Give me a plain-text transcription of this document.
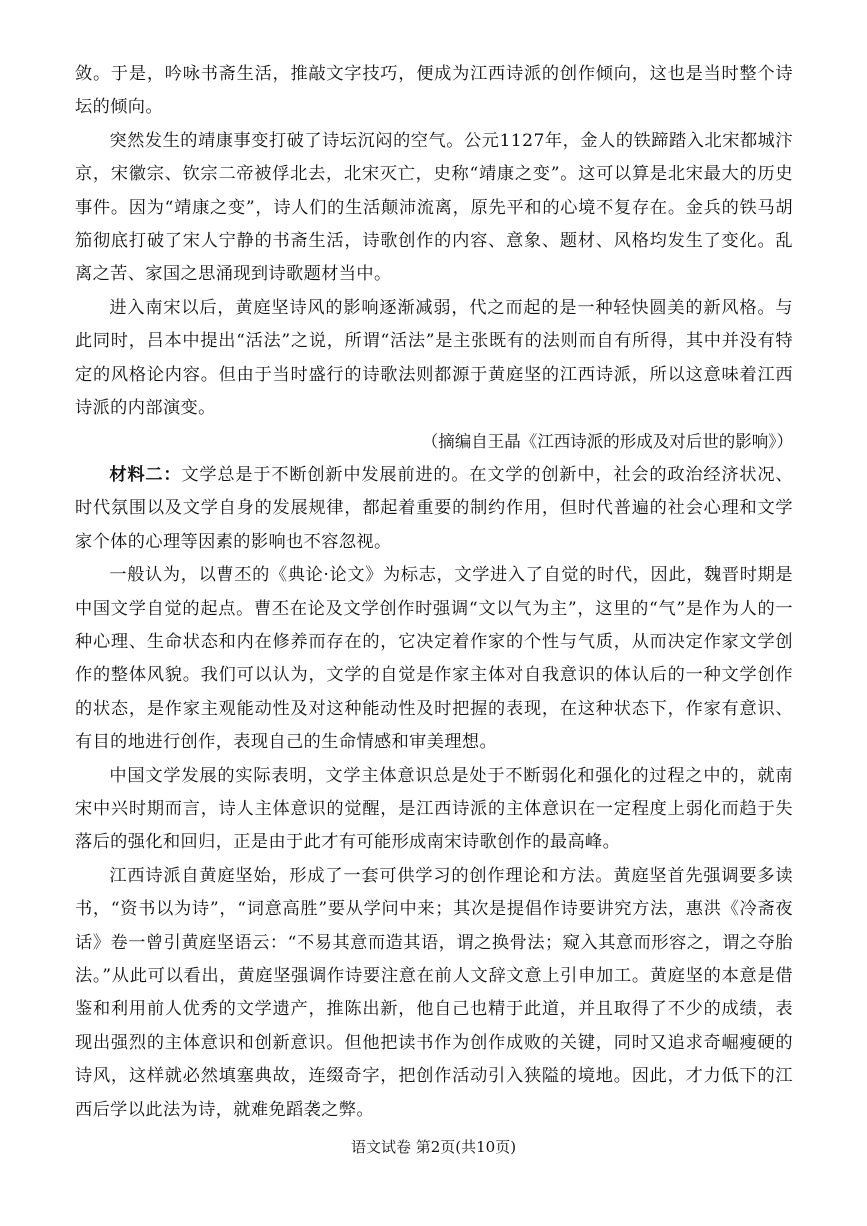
敛。于是，吟咏书斋生活，推敲文字技巧，便成为江西诗派的创作倾向，这也是当时整个诗坛的倾向。

突然发生的靖康事变打破了诗坛沉闷的空气。公元1127年，金人的铁蹄踏入北宋都城汴京，宋徽宗、钦宗二帝被俘北去，北宋灭亡，史称“靖康之变”。这可以算是北宋最大的历史事件。因为“靖康之变”，诗人们的生活颠沛流离，原先平和的心境不复存在。金兵的铁马胡笳彻底打破了宋人宁静的书斋生活，诗歌创作的内容、意象、题材、风格均发生了变化。乱离之苦、家国之思涌现到诗歌题材当中。

进入南宋以后，黄庭坚诗风的影响逐渐减弱，代之而起的是一种轻快圆美的新风格。与此同时，吕本中提出“活法”之说，所谓“活法”是主张既有的法则而自有所得，其中并没有特定的风格论内容。但由于当时盛行的诗歌法则都源于黄庭坚的江西诗派，所以这意味着江西诗派的内部演变。

（摘编自王晶《江西诗派的形成及对后世的影响》）

材料二：文学总是于不断创新中发展前进的。在文学的创新中，社会的政治经济状况、时代氛围以及文学自身的发展规律，都起着重要的制约作用，但时代普遍的社会心理和文学家个体的心理等因素的影响也不容忽视。

一般认为，以曹丕的《典论·论文》为标志，文学进入了自觉的时代，因此，魏晋时期是中国文学自觉的起点。曹丕在论及文学创作时强调“文以气为主”，这里的“气”是作为人的一种心理、生命状态和内在修养而存在的，它决定着作家的个性与气质，从而决定作家文学创作的整体风貌。我们可以认为，文学的自觉是作家主体对自我意识的体认后的一种文学创作的状态，是作家主观能动性及对这种能动性及时把握的表现，在这种状态下，作家有意识、有目的地进行创作，表现自己的生命情感和审美理想。

中国文学发展的实际表明，文学主体意识总是处于不断弱化和强化的过程之中的，就南宋中兴时期而言，诗人主体意识的觉醒，是江西诗派的主体意识在一定程度上弱化而趋于失落后的强化和回归，正是由于此才有可能形成南宋诗歌创作的最高峰。

江西诗派自黄庭坚始，形成了一套可供学习的创作理论和方法。黄庭坚首先强调要多读书，“资书以为诗”，“词意高胜”要从学问中来；其次是提倡作诗要讲究方法，惠洪《冷斋夜话》卷一曾引黄庭坚语云：“不易其意而造其语，谓之换骨法；窥入其意而形容之，谓之夺胎法。”从此可以看出，黄庭坚强调作诗要注意在前人文辞文意上引申加工。黄庭坚的本意是借鉴和利用前人优秀的文学遗产，推陈出新，他自己也精于此道，并且取得了不少的成绩，表现出强烈的主体意识和创新意识。但他把读书作为创作成败的关键，同时又追求奇崛瘦硬的诗风，这样就必然填塞典故，连缀奇字，把创作活动引入狭隘的境地。因此，才力低下的江西后学以此法为诗，就难免蹈袭之弊。

语文试卷 第2页(共10页)
